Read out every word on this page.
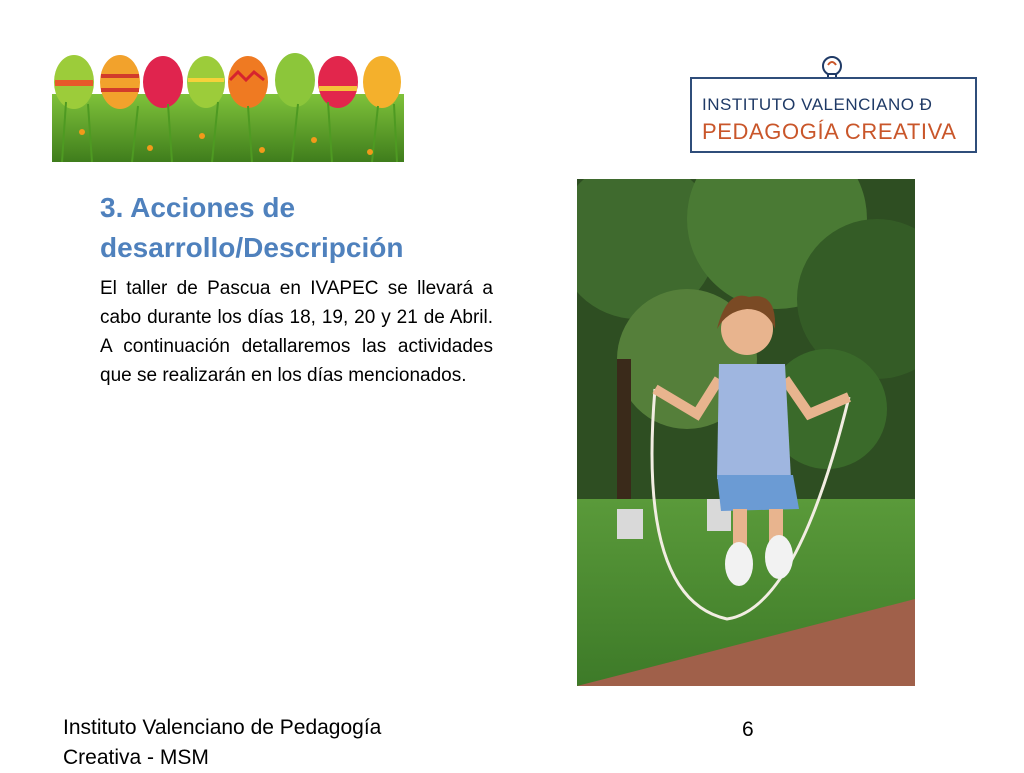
INSTITUTO VALENCIANO Ð
PEDAGOGÍA CREATIVA
3. Acciones de desarrollo/Descripción
El taller de Pascua en IVAPEC se llevará a cabo durante los días 18, 19, 20 y 21 de Abril. A continuación detallaremos las actividades que se realizarán en los días mencionados.
Instituto Valenciano de Pedagogía Creativa - MSM
6
